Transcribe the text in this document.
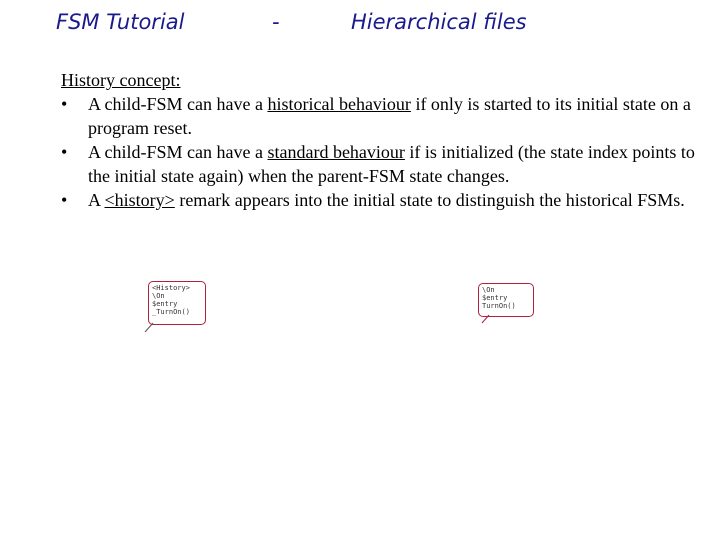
FSM Tutorial	-	Hierarchical files

History concept:

• A child-FSM can have a historical behaviour if only is started to its initial state on a program reset.
• A child-FSM can have a standard behaviour if is initialized (the state index points to the initial state again) when the parent-FSM state changes.
• A <history> remark appears into the initial state to distinguish the historical FSMs.
<History>
\On
$entry
_TurnOn()
\On
$entry
TurnOn()
